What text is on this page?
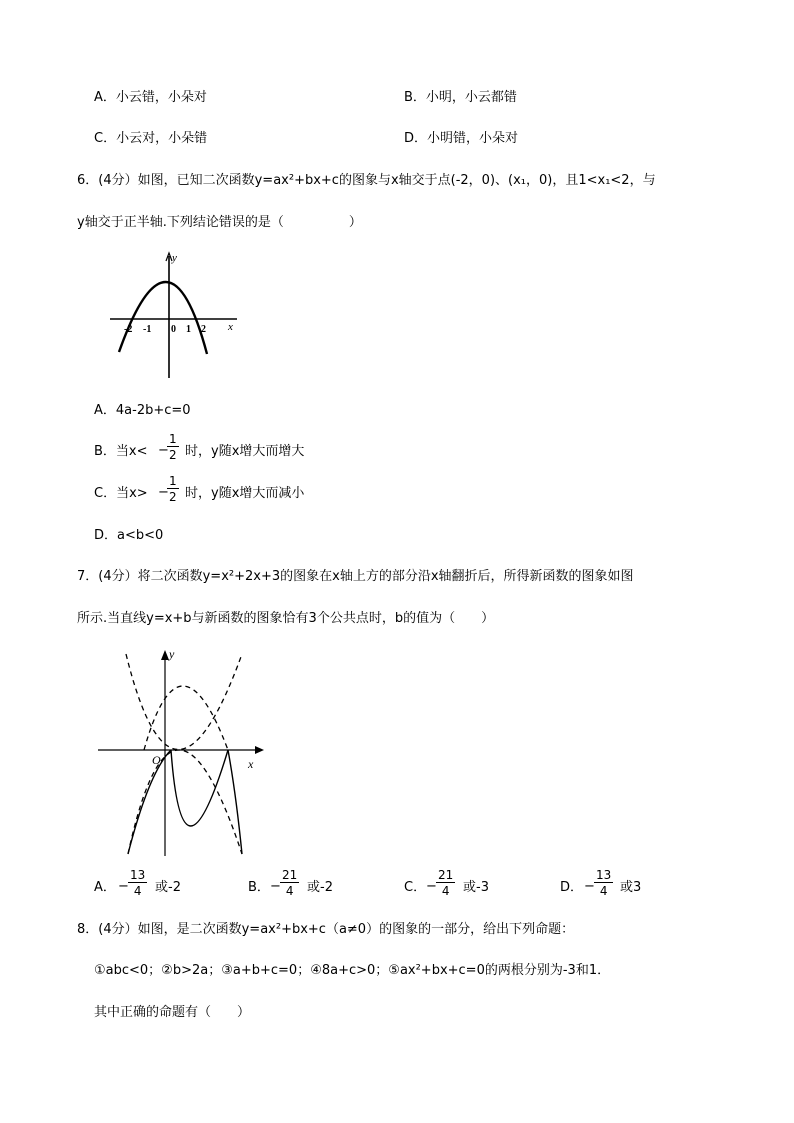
A．小云错，小朵对	B．小明，小云都错
C．小云对，小朵错	D．小明错，小朵对
6．(4分）如图，已知二次函数y=ax²+bx+c的图象与x轴交于点(-2，0)、(x₁，0)，且1<x₁<2，与
y轴交于正半轴.下列结论错误的是（　　　　　）
y
x
-2 -1 0 1 2
A．4a-2b+c=0
B．当x< −
$\frac{1}{2}$ 时，y随x增大而增大
C．当x> −
$\frac{1}{2}$ 时，y随x增大而减小
D．a<b<0
7．(4分）将二次函数y=x²+2x+3的图象在x轴上方的部分沿x轴翻折后，所得新函数的图象如图
所示.当直线y=x+b与新函数的图象恰有3个公共点时，b的值为（　　）
y
x
O
A． − $\frac{13}{4}$ 或-2	B． − $\frac{21}{4}$ 或-2	C． − $\frac{21}{4}$ 或-3	D． − $\frac{13}{4}$ 或3
8．(4分）如图，是二次函数y=ax²+bx+c（a≠0）的图象的一部分，给出下列命题：
①abc<0；②b>2a；③a+b+c=0；④8a+c>0；⑤ax²+bx+c=0的两根分别为-3和1．
其中正确的命题有（　　）
